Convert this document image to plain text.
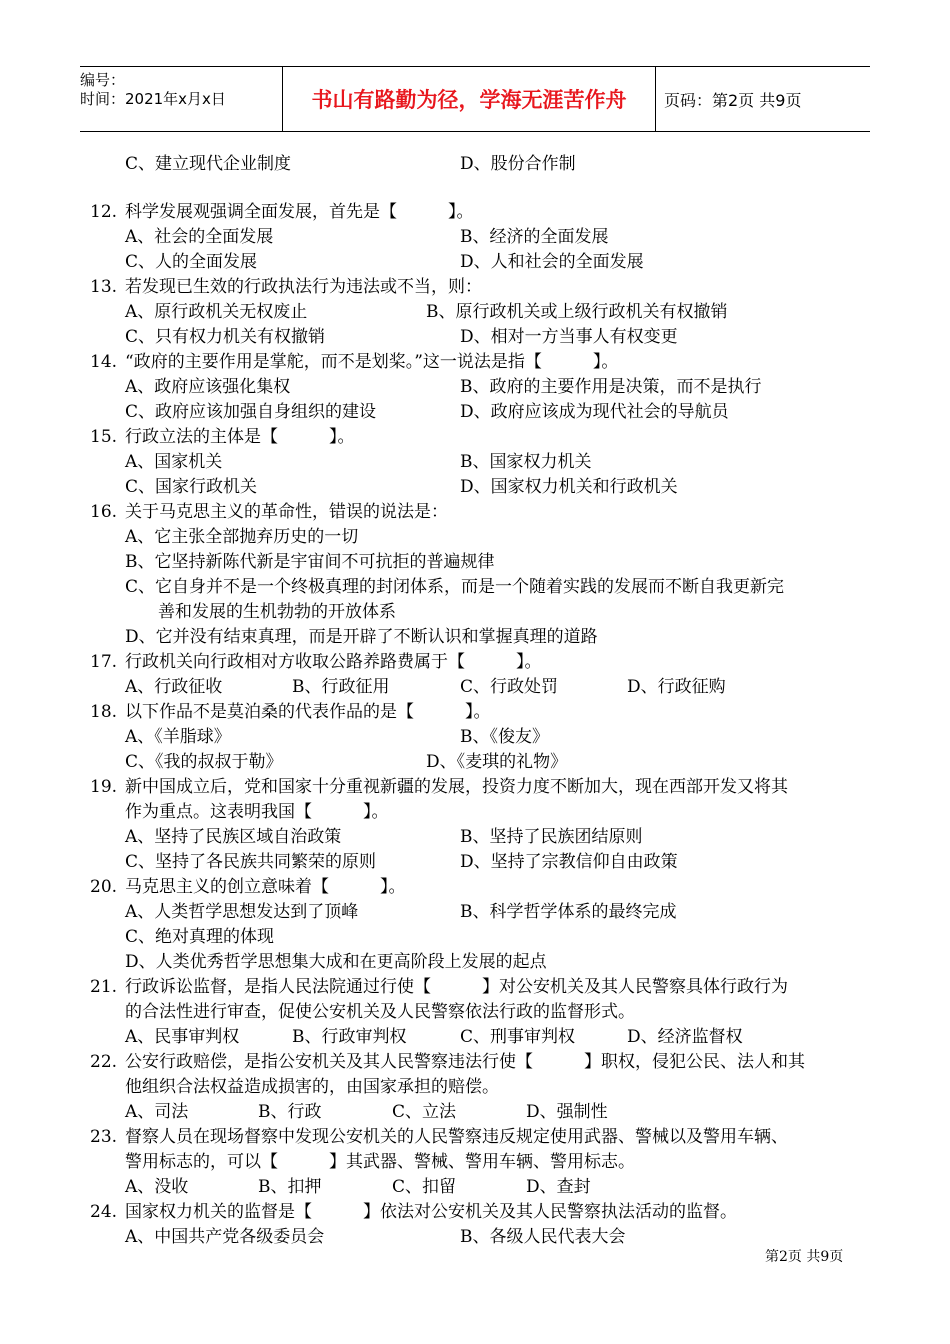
编号：
时间：2021年x月x日	书山有路勤为径，学海无涯苦作舟	页码：第2页 共9页
C、建立现代企业制度	D、股份合作制
12. 科学发展观强调全面发展，首先是【　　　】。
A、社会的全面发展	B、经济的全面发展
C、人的全面发展	D、人和社会的全面发展
13. 若发现已生效的行政执法行为违法或不当，则：
A、原行政机关无权废止	B、原行政机关或上级行政机关有权撤销
C、只有权力机关有权撤销	D、相对一方当事人有权变更
14. “政府的主要作用是掌舵，而不是划桨。”这一说法是指【　　　】。
A、政府应该强化集权	B、政府的主要作用是决策，而不是执行
C、政府应该加强自身组织的建设	D、政府应该成为现代社会的导航员
15. 行政立法的主体是【　　　】。
A、国家机关	B、国家权力机关
C、国家行政机关	D、国家权力机关和行政机关
16. 关于马克思主义的革命性，错误的说法是：
A、它主张全部抛弃历史的一切
B、它坚持新陈代新是宇宙间不可抗拒的普遍规律
C、它自身并不是一个终极真理的封闭体系，而是一个随着实践的发展而不断自我更新完
善和发展的生机勃勃的开放体系
D、它并没有结束真理，而是开辟了不断认识和掌握真理的道路
17. 行政机关向行政相对方收取公路养路费属于【　　　】。
A、行政征收	B、行政征用	C、行政处罚	D、行政征购
18. 以下作品不是莫泊桑的代表作品的是【　　　】。
A、《羊脂球》	B、《俊友》
C、《我的叔叔于勒》	D、《麦琪的礼物》
19. 新中国成立后，党和国家十分重视新疆的发展，投资力度不断加大，现在西部开发又将其
作为重点。这表明我国【　　　】。
A、坚持了民族区域自治政策	B、坚持了民族团结原则
C、坚持了各民族共同繁荣的原则	D、坚持了宗教信仰自由政策
20. 马克思主义的创立意味着【　　　】。
A、人类哲学思想发达到了顶峰	B、科学哲学体系的最终完成
C、绝对真理的体现
D、人类优秀哲学思想集大成和在更高阶段上发展的起点
21. 行政诉讼监督，是指人民法院通过行使【　　　】对公安机关及其人民警察具体行政行为
的合法性进行审查，促使公安机关及人民警察依法行政的监督形式。
A、民事审判权	B、行政审判权	C、刑事审判权	D、经济监督权
22. 公安行政赔偿，是指公安机关及其人民警察违法行使【　　　】职权，侵犯公民、法人和其
他组织合法权益造成损害的，由国家承担的赔偿。
A、司法	B、行政	C、立法	D、强制性
23. 督察人员在现场督察中发现公安机关的人民警察违反规定使用武器、警械以及警用车辆、
警用标志的，可以【　　　】其武器、警械、警用车辆、警用标志。
A、没收	B、扣押	C、扣留	D、查封
24. 国家权力机关的监督是【　　　】依法对公安机关及其人民警察执法活动的监督。
A、中国共产党各级委员会	B、各级人民代表大会
第2页 共9页
